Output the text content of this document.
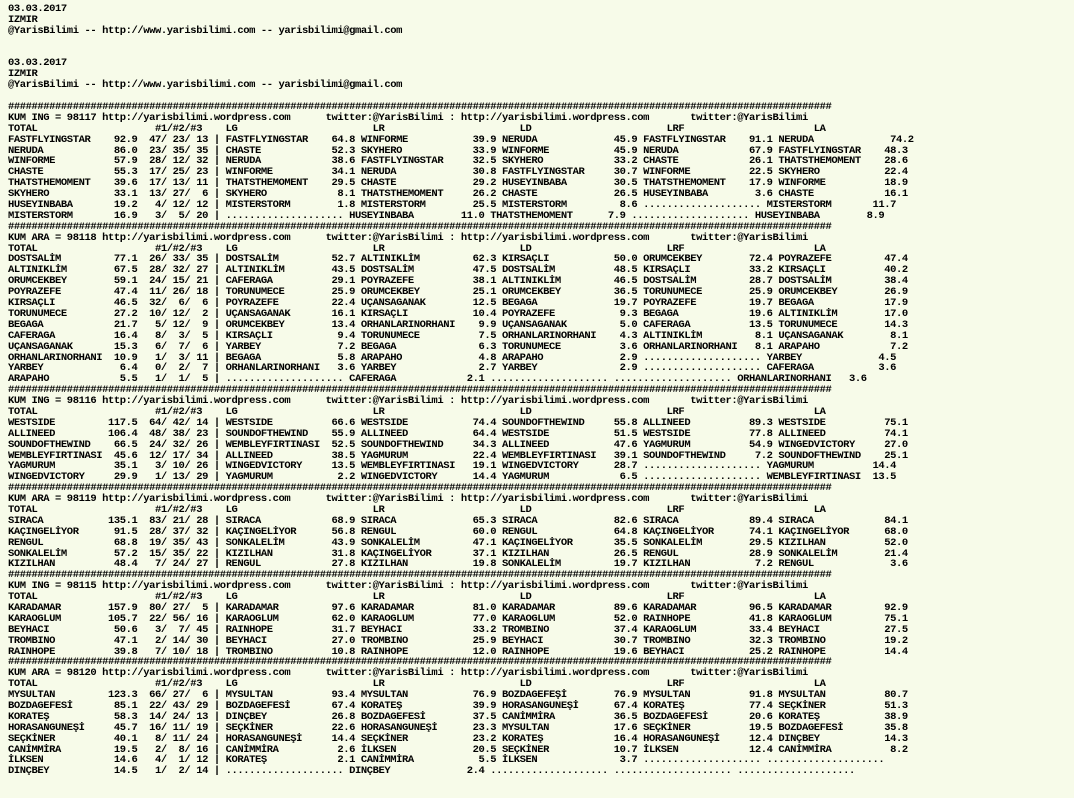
03.03.2017
IZMIR
@YarisBilimi -- http://www.yarisbilimi.com -- yarisbilimi@gmail.com
03.03.2017
IZMIR
@YarisBilimi -- http://www.yarisbilimi.com -- yarisbilimi@gmail.com
############################################################################################################################################
KUM ING = 98117 http://yarisbilimi.wordpress.com      twitter:@YarisBilimi : http://yarisbilimi.wordpress.com       twitter:@YarisBilimi
TOTAL                    #1/#2/#3    LG                       LR                       LD                       LRF                      LA
FASTFLYINGSTAR    92.9  47/ 23/ 13 | FASTFLYINGSTAR    64.8 WINFORME           39.9 NERUDA             45.9 FASTFLYINGSTAR    91.1 NERUDA             74.2
NERUDA            86.0  23/ 35/ 35 | CHASTE            52.3 SKYHERO            33.9 WINFORME           45.9 NERUDA            67.9 FASTFLYINGSTAR    48.3
WINFORME          57.9  28/ 12/ 32 | NERUDA            38.6 FASTFLYINGSTAR     32.5 SKYHERO            33.2 CHASTE            26.1 THATSTHEMOMENT    28.6
CHASTE            55.3  17/ 25/ 23 | WINFORME          34.1 NERUDA             30.8 FASTFLYINGSTAR     30.7 WINFORME          22.5 SKYHERO           22.4
THATSTHEMOMENT    39.6  17/ 13/ 11 | THATSTHEMOMENT    29.5 CHASTE             29.2 HUSEYINBABA        30.5 THATSTHEMOMENT    17.9 WINFORME          18.9
SKYHERO           33.1  13/ 27/  6 | SKYHERO            8.1 THATSTHEMOMENT     26.2 CHASTE             26.5 HUSEYINBABA        3.6 CHASTE            16.1
HUSEYINBABA       19.2   4/ 12/ 12 | MISTERSTORM        1.8 MISTERSTORM        25.5 MISTERSTORM         8.6 .................... MISTERSTORM       11.7
MISTERSTORM       16.9   3/  5/ 20 | .................... HUSEYINBABA        11.0 THATSTHEMOMENT      7.9 .................... HUSEYINBABA        8.9
############################################################################################################################################
KUM ARA = 98118 http://yarisbilimi.wordpress.com      twitter:@YarisBilimi : http://yarisbilimi.wordpress.com       twitter:@YarisBilimi
TOTAL                    #1/#2/#3    LG                       LR                       LD                       LRF                      LA
DOSTSALİM         77.1  26/ 33/ 35 | DOSTSALİM         52.7 ALTINIKLİM         62.3 KIRSAÇLI           50.0 ORUMCEKBEY        72.4 POYRAZEFE         47.4
ALTINIKLİM        67.5  28/ 32/ 27 | ALTINIKLİM        43.5 DOSTSALİM          47.5 DOSTSALİM          48.5 KIRSAÇLI          33.2 KIRSAÇLI          40.2
ORUMCEKBEY        59.1  24/ 15/ 21 | CAFERAGA          29.1 POYRAZEFE          38.1 ALTINIKLİM         46.5 DOSTSALİM         28.7 DOSTSALİM         38.4
POYRAZEFE         47.4  11/ 26/ 18 | TORUNUMECE        25.9 ORUMCEKBEY         25.1 ORUMCEKBEY         36.5 TORUNUMECE        25.9 ORUMCEKBEY        26.9
KIRSAÇLI          46.5  32/  6/  6 | POYRAZEFE         22.4 UÇANSAGANAK        12.5 BEGAGA             19.7 POYRAZEFE         19.7 BEGAGA            17.9
TORUNUMECE        27.2  10/ 12/  2 | UÇANSAGANAK       16.1 KIRSAÇLI           10.4 POYRAZEFE           9.3 BEGAGA            19.6 ALTINIKLİM        17.0
BEGAGA            21.7   5/ 12/  9 | ORUMCEKBEY        13.4 ORHANLARINORHANI    9.9 UÇANSAGANAK         5.0 CAFERAGA          13.5 TORUNUMECE        14.3
CAFERAGA          16.4   8/  3/  5 | KIRSAÇLI           9.4 TORUNUMECE          7.5 ORHANLARINORHANI    4.3 ALTINIKLİM         8.1 UÇANSAGANAK        8.1
UÇANSAGANAK       15.3   6/  7/  6 | YARBEY             7.2 BEGAGA              6.3 TORUNUMECE          3.6 ORHANLARINORHANI   8.1 ARAPAHO            7.2
ORHANLARINORHANI  10.9   1/  3/ 11 | BEGAGA             5.8 ARAPAHO             4.8 ARAPAHO             2.9 .................... YARBEY             4.5
YARBEY             6.4   0/  2/  7 | ORHANLARINORHANI   3.6 YARBEY              2.7 YARBEY              2.9 .................... CAFERAGA           3.6
ARAPAHO            5.5   1/  1/  5 | .................... CAFERAGA            2.1 .................... .................... ORHANLARINORHANI   3.6
############################################################################################################################################
KUM ING = 98116 http://yarisbilimi.wordpress.com      twitter:@YarisBilimi : http://yarisbilimi.wordpress.com       twitter:@YarisBilimi
TOTAL                    #1/#2/#3    LG                       LR                       LD                       LRF                      LA
WESTSIDE         117.5  64/ 42/ 14 | WESTSIDE          66.6 WESTSIDE           74.4 SOUNDOFTHEWIND     55.8 ALLINEED          89.3 WESTSIDE          75.1
ALLINEED         106.4  48/ 38/ 23 | SOUNDOFTHEWIND    55.9 ALLINEED           64.4 WESTSIDE           51.5 WESTSIDE          77.8 ALLINEED          74.1
SOUNDOFTHEWIND    66.5  24/ 32/ 26 | WEMBLEYFIRTINASI  52.5 SOUNDOFTHEWIND     34.3 ALLINEED           47.6 YAGMURUM          54.9 WINGEDVICTORY     27.0
WEMBLEYFIRTINASI  45.6  12/ 17/ 34 | ALLINEED          38.5 YAGMURUM           22.4 WEMBLEYFIRTINASI   39.1 SOUNDOFTHEWIND     7.2 SOUNDOFTHEWIND    25.1
YAGMURUM          35.1   3/ 10/ 26 | WINGEDVICTORY     13.5 WEMBLEYFIRTINASI   19.1 WINGEDVICTORY      28.7 .................... YAGMURUM          14.4
WINGEDVICTORY     29.9   1/ 13/ 29 | YAGMURUM           2.2 WINGEDVICTORY      14.4 YAGMURUM            6.5 .................... WEMBLEYFIRTINASI  13.5
############################################################################################################################################
KUM ARA = 98119 http://yarisbilimi.wordpress.com      twitter:@YarisBilimi : http://yarisbilimi.wordpress.com       twitter:@YarisBilimi
TOTAL                    #1/#2/#3    LG                       LR                       LD                       LRF                      LA
SIRACA           135.1  83/ 21/ 28 | SIRACA            68.9 SIRACA             65.3 SIRACA             82.6 SIRACA            89.4 SIRACA            84.1
KAÇINGELİYOR      91.5  28/ 37/ 32 | KAÇINGELİYOR      56.8 RENGUL             60.0 RENGUL             64.8 KAÇINGELİYOR      74.1 KAÇINGELİYOR      68.0
RENGUL            68.8  19/ 35/ 43 | SONKALELİM        43.9 SONKALELİM         47.1 KAÇINGELİYOR       35.5 SONKALELİM        29.5 KIZILHAN          52.0
SONKALELİM        57.2  15/ 35/ 22 | KIZILHAN          31.8 KAÇINGELİYOR       37.1 KIZILHAN           26.5 RENGUL            28.9 SONKALELİM        21.4
KIZILHAN          48.4   7/ 24/ 27 | RENGUL            27.8 KIZILHAN           19.8 SONKALELİM         19.7 KIZILHAN           7.2 RENGUL             3.6
############################################################################################################################################
KUM ING = 98115 http://yarisbilimi.wordpress.com      twitter:@YarisBilimi : http://yarisbilimi.wordpress.com       twitter:@YarisBilimi
TOTAL                    #1/#2/#3    LG                       LR                       LD                       LRF                      LA
KARADAMAR        157.9  80/ 27/  5 | KARADAMAR         97.6 KARADAMAR          81.0 KARADAMAR          89.6 KARADAMAR         96.5 KARADAMAR         92.9
KARAOGLUM        105.7  22/ 56/ 16 | KARAOGLUM         62.0 KARAOGLUM          77.0 KARAOGLUM          52.0 RAINHOPE          41.8 KARAOGLUM         75.1
BEYHACI           50.6   3/  7/ 45 | RAINHOPE          31.7 BEYHACI            33.2 TROMBINO           37.4 KARAOGLUM         33.4 BEYHACI           27.5
TROMBINO          47.1   2/ 14/ 30 | BEYHACI           27.0 TROMBINO           25.9 BEYHACI            30.7 TROMBINO          32.3 TROMBINO          19.2
RAINHOPE          39.8   7/ 10/ 18 | TROMBINO          10.8 RAINHOPE           12.0 RAINHOPE           19.6 BEYHACI           25.2 RAINHOPE          14.4
############################################################################################################################################
KUM ARA = 98120 http://yarisbilimi.wordpress.com      twitter:@YarisBilimi : http://yarisbilimi.wordpress.com       twitter:@YarisBilimi
TOTAL                    #1/#2/#3    LG                       LR                       LD                       LRF                      LA
MYSULTAN         123.3  66/ 27/  6 | MYSULTAN          93.4 MYSULTAN           76.9 BOZDAGEFEŞİ        76.9 MYSULTAN          91.8 MYSULTAN          80.7
BOZDAGEFESİ       85.1  22/ 43/ 29 | BOZDAGEFESİ       67.4 KORATEŞ            39.9 HORASANGUNEŞİ      67.4 KORATEŞ           77.4 SEÇKİNER          51.3
KORATEŞ           58.3  14/ 24/ 13 | DINÇBEY           26.8 BOZDAGEFESİ        37.5 CANİMMİRA          36.5 BOZDAGEFESİ       20.6 KORATEŞ           38.9
HORASANGUNEŞİ     45.7  16/ 11/ 19 | SEÇKİNER          22.6 HORASANGUNEŞİ      23.3 MYSULTAN           17.6 SEÇKİNER          19.5 BOZDAGEFESİ       35.8
SEÇKİNER          40.1   8/ 11/ 24 | HORASANGUNEŞİ     14.4 SEÇKİNER           23.2 KORATEŞ            16.4 HORASANGUNEŞİ     12.4 DINÇBEY           14.3
CANİMMİRA         19.5   2/  8/ 16 | CANİMMİRA          2.6 İLKSEN             20.5 SEÇKİNER           10.7 İLKSEN            12.4 CANİMMİRA          8.2
İLKSEN            14.6   4/  1/ 12 | KORATEŞ            2.1 CANİMMİRA           5.5 İLKSEN              3.7 .................... ....................
DINÇBEY           14.5   1/  2/ 14 | .................... DINÇBEY             2.4 .................... .................... ....................
